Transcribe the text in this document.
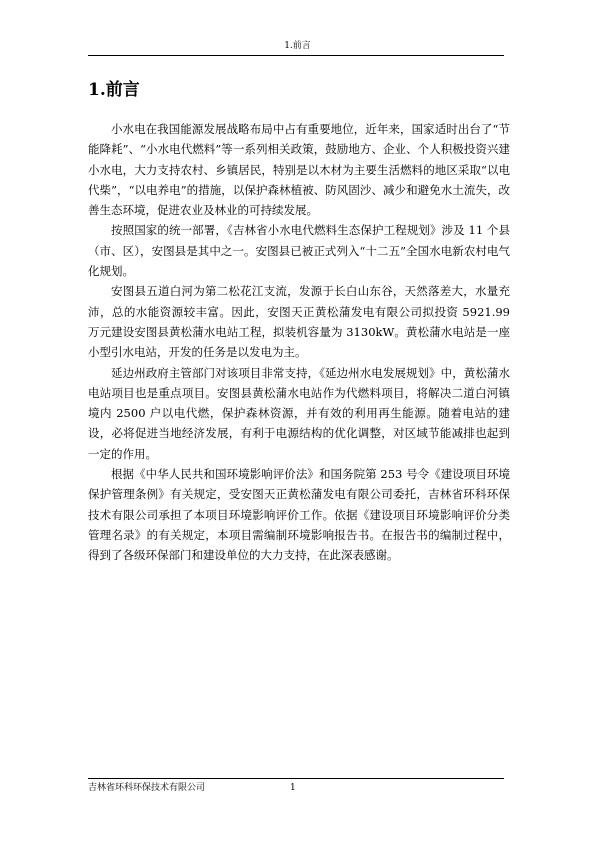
1.前言
1.前言

小水电在我国能源发展战略布局中占有重要地位，近年来，国家适时出台了“节能降耗”、“小水电代燃料”等一系列相关政策，鼓励地方、企业、个人积极投资兴建小水电，大力支持农村、乡镇居民，特别是以木材为主要生活燃料的地区采取“以电代柴”，“以电养电”的措施，以保护森林植被、防风固沙、减少和避免水土流失，改善生态环境，促进农业及林业的可持续发展。

按照国家的统一部署，《吉林省小水电代燃料生态保护工程规划》涉及 11 个县（市、区），安图县是其中之一。安图县已被正式列入“十二五”全国水电新农村电气化规划。

安图县五道白河为第二松花江支流，发源于长白山东谷，天然落差大，水量充沛，总的水能资源较丰富。因此，安图天正黄松蒲发电有限公司拟投资 5921.99 万元建设安图县黄松蒲水电站工程，拟装机容量为 3130kW。黄松蒲水电站是一座小型引水电站，开发的任务是以发电为主。

延边州政府主管部门对该项目非常支持，《延边州水电发展规划》中，黄松蒲水电站项目也是重点项目。安图县黄松蒲水电站作为代燃料项目，将解决二道白河镇境内 2500 户以电代燃，保护森林资源，并有效的利用再生能源。随着电站的建设，必将促进当地经济发展，有利于电源结构的优化调整，对区域节能减排也起到一定的作用。

根据《中华人民共和国环境影响评价法》和国务院第 253 号令《建设项目环境保护管理条例》有关规定，受安图天正黄松蒲发电有限公司委托，吉林省环科环保技术有限公司承担了本项目环境影响评价工作。依据《建设项目环境影响评价分类管理名录》的有关规定，本项目需编制环境影响报告书。在报告书的编制过程中，得到了各级环保部门和建设单位的大力支持，在此深表感谢。

吉林省环科环保技术有限公司	1
